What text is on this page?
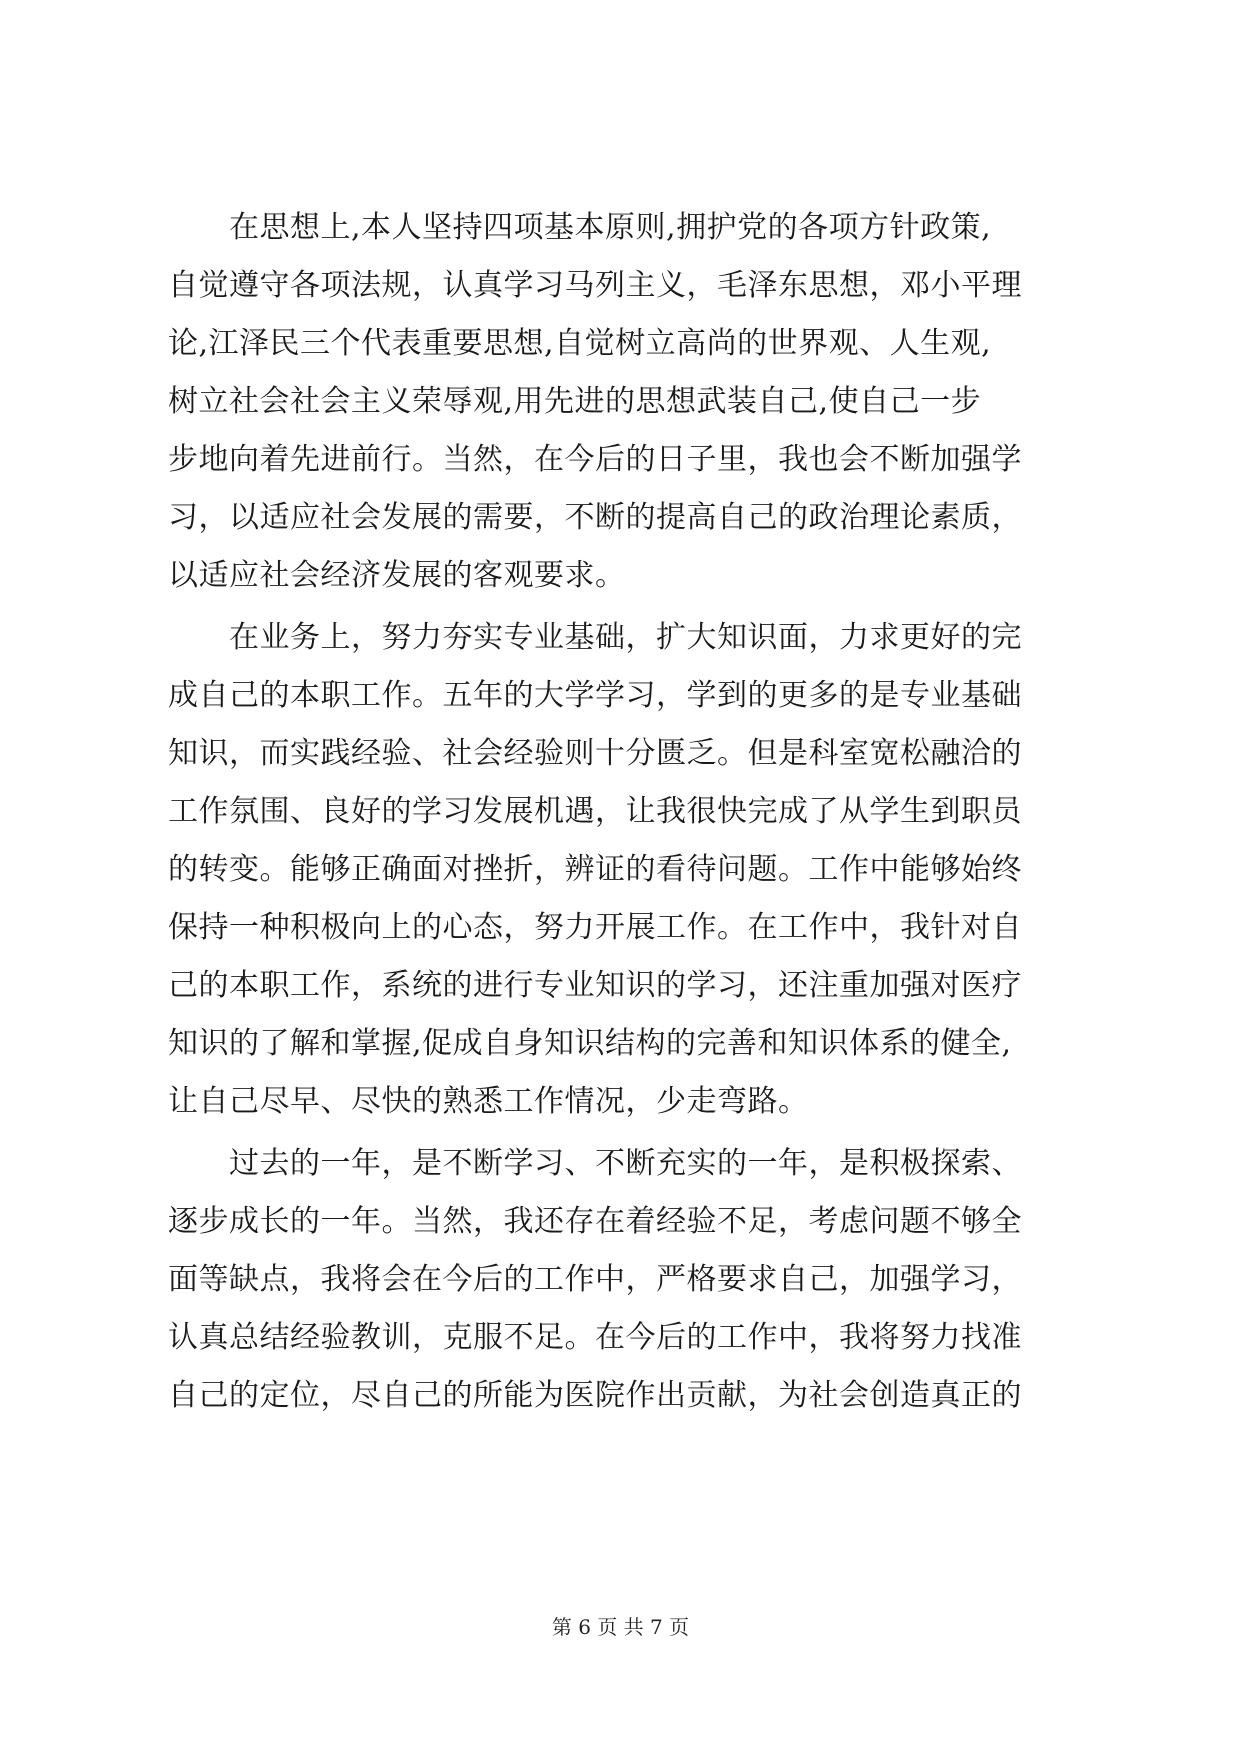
　　在思想上,本人坚持四项基本原则,拥护党的各项方针政策,
自觉遵守各项法规，认真学习马列主义，毛泽东思想，邓小平理
论,江泽民三个代表重要思想,自觉树立高尚的世界观、人生观,
树立社会社会主义荣辱观,用先进的思想武装自己,使自己一步
步地向着先进前行。当然，在今后的日子里，我也会不断加强学
习，以适应社会发展的需要，不断的提高自己的政治理论素质，
以适应社会经济发展的客观要求。
　　在业务上，努力夯实专业基础，扩大知识面，力求更好的完
成自己的本职工作。五年的大学学习，学到的更多的是专业基础
知识，而实践经验、社会经验则十分匮乏。但是科室宽松融洽的
工作氛围、良好的学习发展机遇，让我很快完成了从学生到职员
的转变。能够正确面对挫折，辨证的看待问题。工作中能够始终
保持一种积极向上的心态，努力开展工作。在工作中，我针对自
己的本职工作，系统的进行专业知识的学习，还注重加强对医疗
知识的了解和掌握,促成自身知识结构的完善和知识体系的健全,
让自己尽早、尽快的熟悉工作情况，少走弯路。
　　过去的一年，是不断学习、不断充实的一年，是积极探索、
逐步成长的一年。当然，我还存在着经验不足，考虑问题不够全
面等缺点，我将会在今后的工作中，严格要求自己，加强学习，
认真总结经验教训，克服不足。在今后的工作中，我将努力找准
自己的定位，尽自己的所能为医院作出贡献，为社会创造真正的
第 6 页 共 7 页
